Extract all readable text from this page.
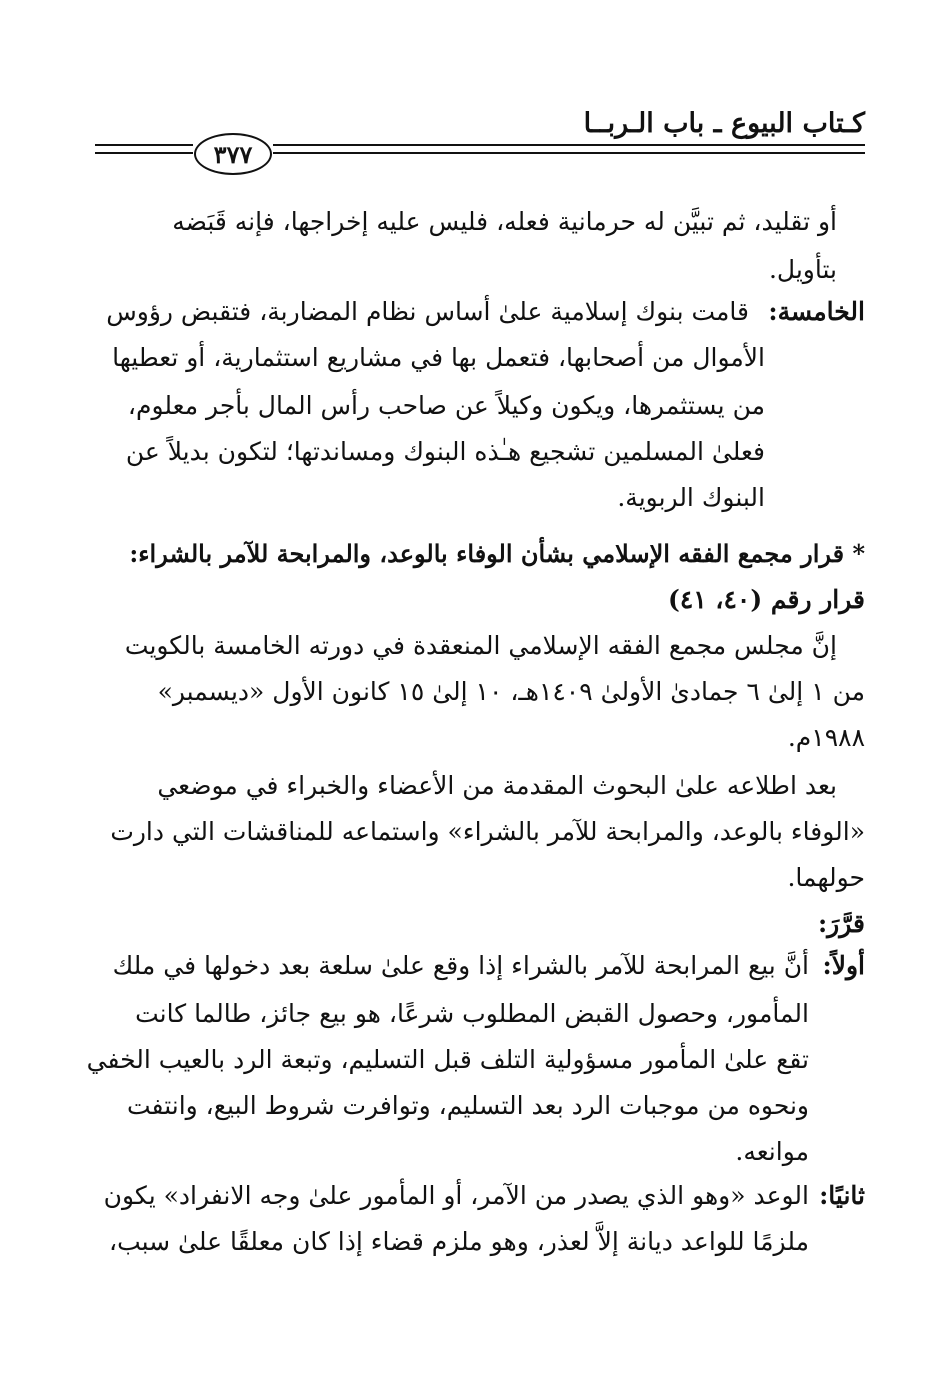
كـتاب البيوع ـ باب الـربــا
٣٧٧
أو تقليد، ثم تبيَّن له حرمانية فعله، فليس عليه إخراجها، فإنه قَبَضه
بتأويل.
الخامسة:
قامت بنوك إسلامية علىٰ أساس نظام المضاربة، فتقبض رؤوس
الأموال من أصحابها، فتعمل بها في مشاريع استثمارية، أو تعطيها
من يستثمرها، ويكون وكيلاً عن صاحب رأس المال بأجر معلوم،
فعلىٰ المسلمين تشجيع هـٰذه البنوك ومساندتها؛ لتكون بديلاً عن
البنوك الربوية.
* قرار مجمع الفقه الإسلامي بشأن الوفاء بالوعد، والمرابحة للآمر بالشراء:
قرار رقم (٤٠، ٤١)
إنَّ مجلس مجمع الفقه الإسلامي المنعقدة في دورته الخامسة بالكويت
من ١ إلىٰ ٦ جمادىٰ الأولىٰ ١٤٠٩هـ، ١٠ إلىٰ ١٥ كانون الأول «ديسمبر»
١٩٨٨م.
بعد اطلاعه علىٰ البحوث المقدمة من الأعضاء والخبراء في موضعي
«الوفاء بالوعد، والمرابحة للآمر بالشراء» واستماعه للمناقشات التي دارت
حولهما.
قرَّرَ:
أولاً:
أنَّ بيع المرابحة للآمر بالشراء إذا وقع علىٰ سلعة بعد دخولها في ملك
المأمور، وحصول القبض المطلوب شرعًا، هو بيع جائز، طالما كانت
تقع علىٰ المأمور مسؤولية التلف قبل التسليم، وتبعة الرد بالعيب الخفي
ونحوه من موجبات الرد بعد التسليم، وتوافرت شروط البيع، وانتفت
موانعه.
ثانيًا:
الوعد «وهو الذي يصدر من الآمر، أو المأمور علىٰ وجه الانفراد» يكون
ملزمًا للواعد ديانة إلاَّ لعذر، وهو ملزم قضاء إذا كان معلقًا علىٰ سبب،
